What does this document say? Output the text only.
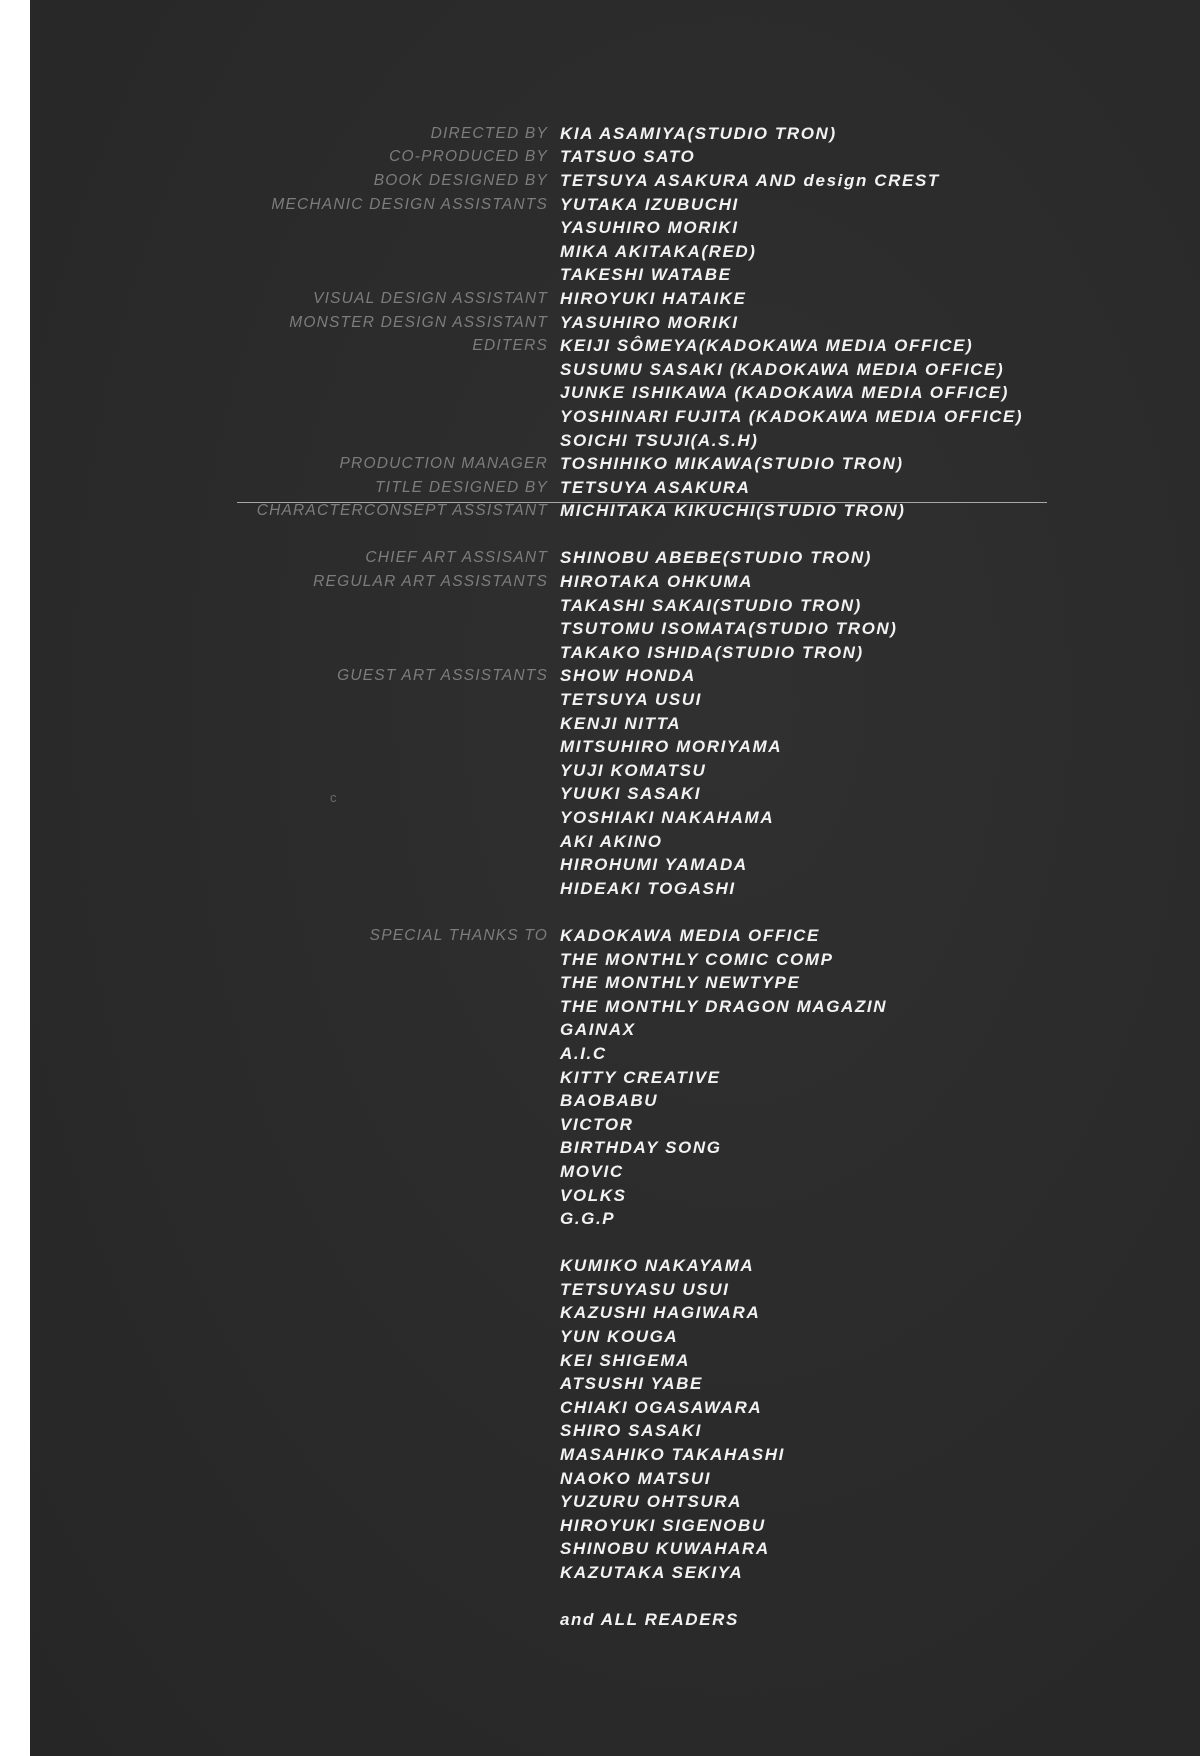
c
DIRECTED BY KIA ASAMIYA(STUDIO TRON)
CO-PRODUCED BY TATSUO SATO
BOOK DESIGNED BY TETSUYA ASAKURA AND design CREST
MECHANIC DESIGN ASSISTANTS YUTAKA IZUBUCHI
YASUHIRO MORIKI
MIKA AKITAKA(RED)
TAKESHI WATABE
VISUAL DESIGN ASSISTANT HIROYUKI HATAIKE
MONSTER DESIGN ASSISTANT YASUHIRO MORIKI
EDITERS KEIJI SÔMEYA(KADOKAWA MEDIA OFFICE)
SUSUMU SASAKI (KADOKAWA MEDIA OFFICE)
JUNKE ISHIKAWA (KADOKAWA MEDIA OFFICE)
YOSHINARI FUJITA (KADOKAWA MEDIA OFFICE)
SOICHI TSUJI(A.S.H)
PRODUCTION MANAGER TOSHIHIKO MIKAWA(STUDIO TRON)
TITLE DESIGNED BY TETSUYA ASAKURA
CHARACTERCONSEPT ASSISTANT MICHITAKA KIKUCHI(STUDIO TRON)
CHIEF ART ASSISANT SHINOBU ABEBE(STUDIO TRON)
REGULAR ART ASSISTANTS HIROTAKA OHKUMA
TAKASHI SAKAI(STUDIO TRON)
TSUTOMU ISOMATA(STUDIO TRON)
TAKAKO ISHIDA(STUDIO TRON)
GUEST ART ASSISTANTS SHOW HONDA
TETSUYA USUI
KENJI NITTA
MITSUHIRO MORIYAMA
YUJI KOMATSU
YUUKI SASAKI
YOSHIAKI NAKAHAMA
AKI AKINO
HIROHUMI YAMADA
HIDEAKI TOGASHI
SPECIAL THANKS TO KADOKAWA MEDIA OFFICE
THE MONTHLY COMIC COMP
THE MONTHLY NEWTYPE
THE MONTHLY DRAGON MAGAZIN
GAINAX
A.I.C
KITTY CREATIVE
BAOBABU
VICTOR
BIRTHDAY SONG
MOVIC
VOLKS
G.G.P
KUMIKO NAKAYAMA
TETSUYASU USUI
KAZUSHI HAGIWARA
YUN KOUGA
KEI SHIGEMA
ATSUSHI YABE
CHIAKI OGASAWARA
SHIRO SASAKI
MASAHIKO TAKAHASHI
NAOKO MATSUI
YUZURU OHTSURA
HIROYUKI SIGENOBU
SHINOBU KUWAHARA
KAZUTAKA SEKIYA
and ALL READERS
